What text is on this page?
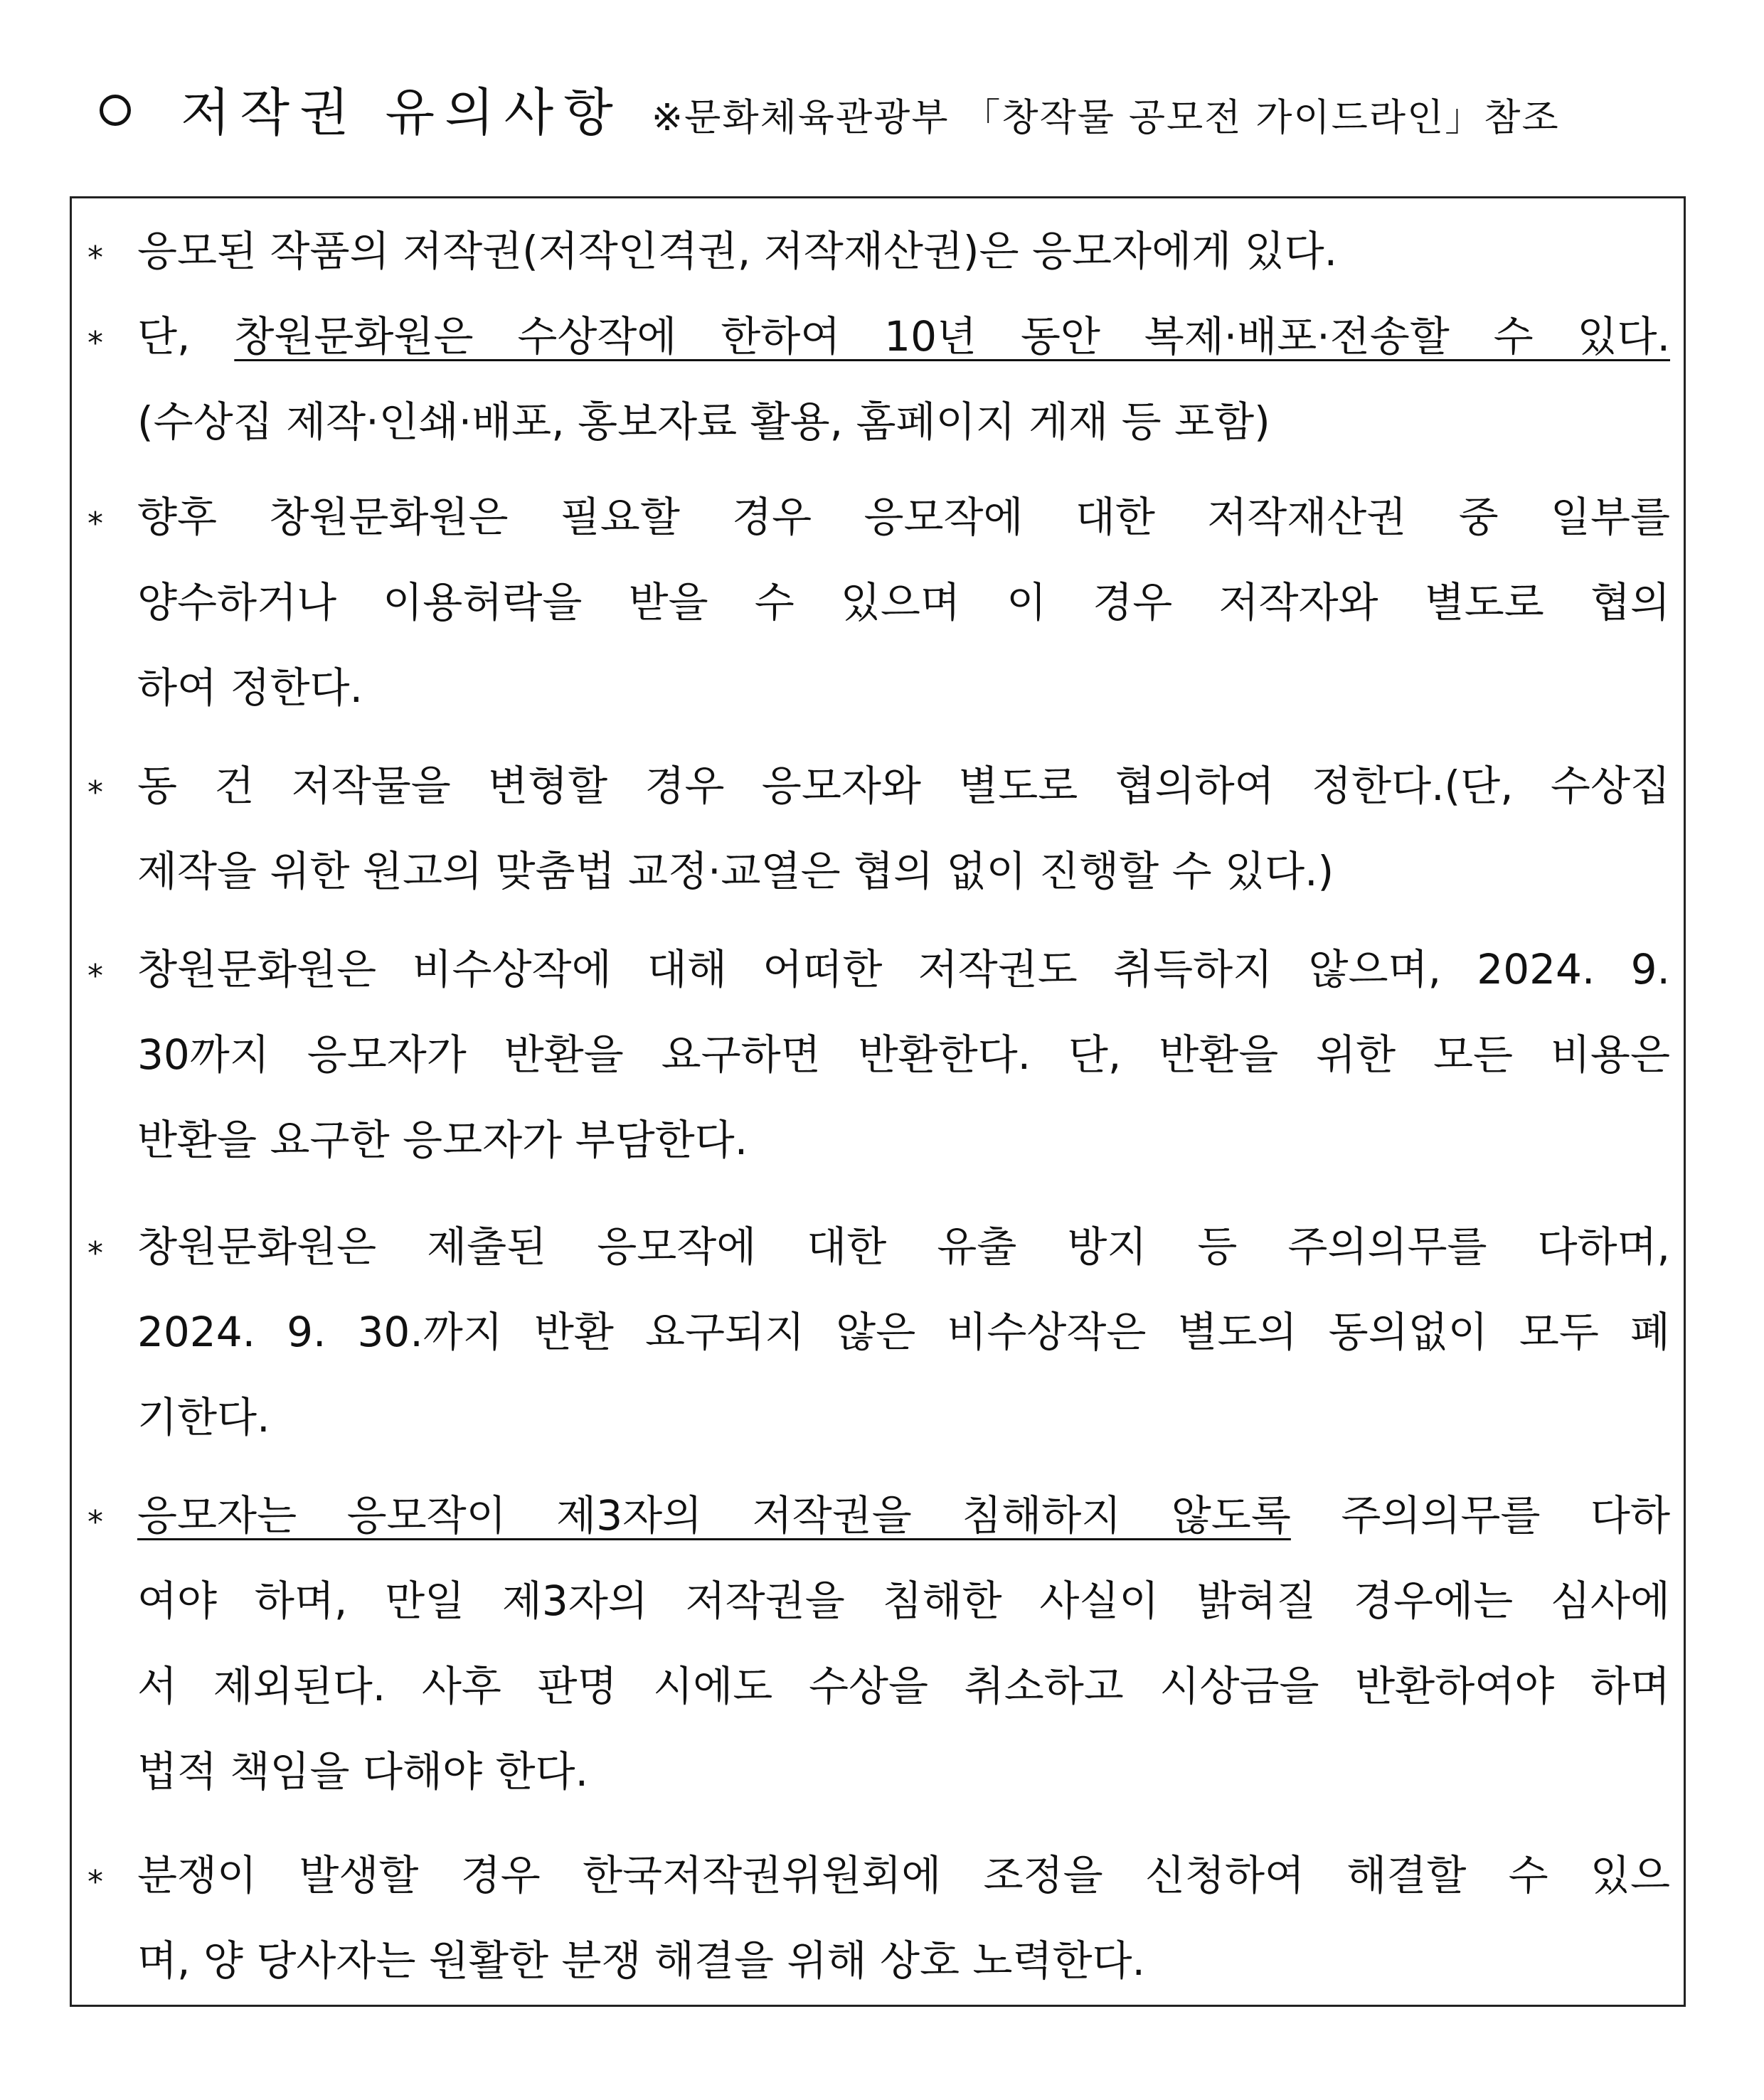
저작권 유의사항 ※문화체육관광부 「창작물 공모전 가이드라인」참조
* 응모된 작품의 저작권(저작인격권, 저작재산권)은 응모자에게 있다.
* 단, 창원문화원은 수상작에 한하여 10년 동안 복제·배포·전송할 수 있다.
(수상집 제작·인쇄·배포, 홍보자료 활용, 홈페이지 게재 등 포함)
* 향후 창원문화원은 필요할 경우 응모작에 대한 저작재산권 중 일부를
양수하거나 이용허락을 받을 수 있으며 이 경우 저작자와 별도로 협의
하여 정한다.
* 동 건 저작물을 변형할 경우 응모자와 별도로 협의하여 정한다.(단, 수상집
제작을 위한 원고의 맞춤법 교정·교열은 협의 없이 진행할 수 있다.)
* 창원문화원은 비수상작에 대해 어떠한 저작권도 취득하지 않으며, 2024. 9.
30까지 응모자가 반환을 요구하면 반환한다. 단, 반환을 위한 모든 비용은
반환을 요구한 응모자가 부담한다.
* 창원문화원은 제출된 응모작에 대한 유출 방지 등 주의의무를 다하며,
2024. 9. 30.까지 반환 요구되지 않은 비수상작은 별도의 동의없이 모두 폐
기한다.
* 응모자는 응모작이 제3자의 저작권을 침해하지 않도록 주의의무를 다하
여야 하며, 만일 제3자의 저작권을 침해한 사실이 밝혀질 경우에는 심사에
서 제외된다. 사후 판명 시에도 수상을 취소하고 시상금을 반환하여야 하며
법적 책임을 다해야 한다.
* 분쟁이 발생할 경우 한국저작권위원회에 조정을 신청하여 해결할 수 있으
며, 양 당사자는 원활한 분쟁 해결을 위해 상호 노력한다.
